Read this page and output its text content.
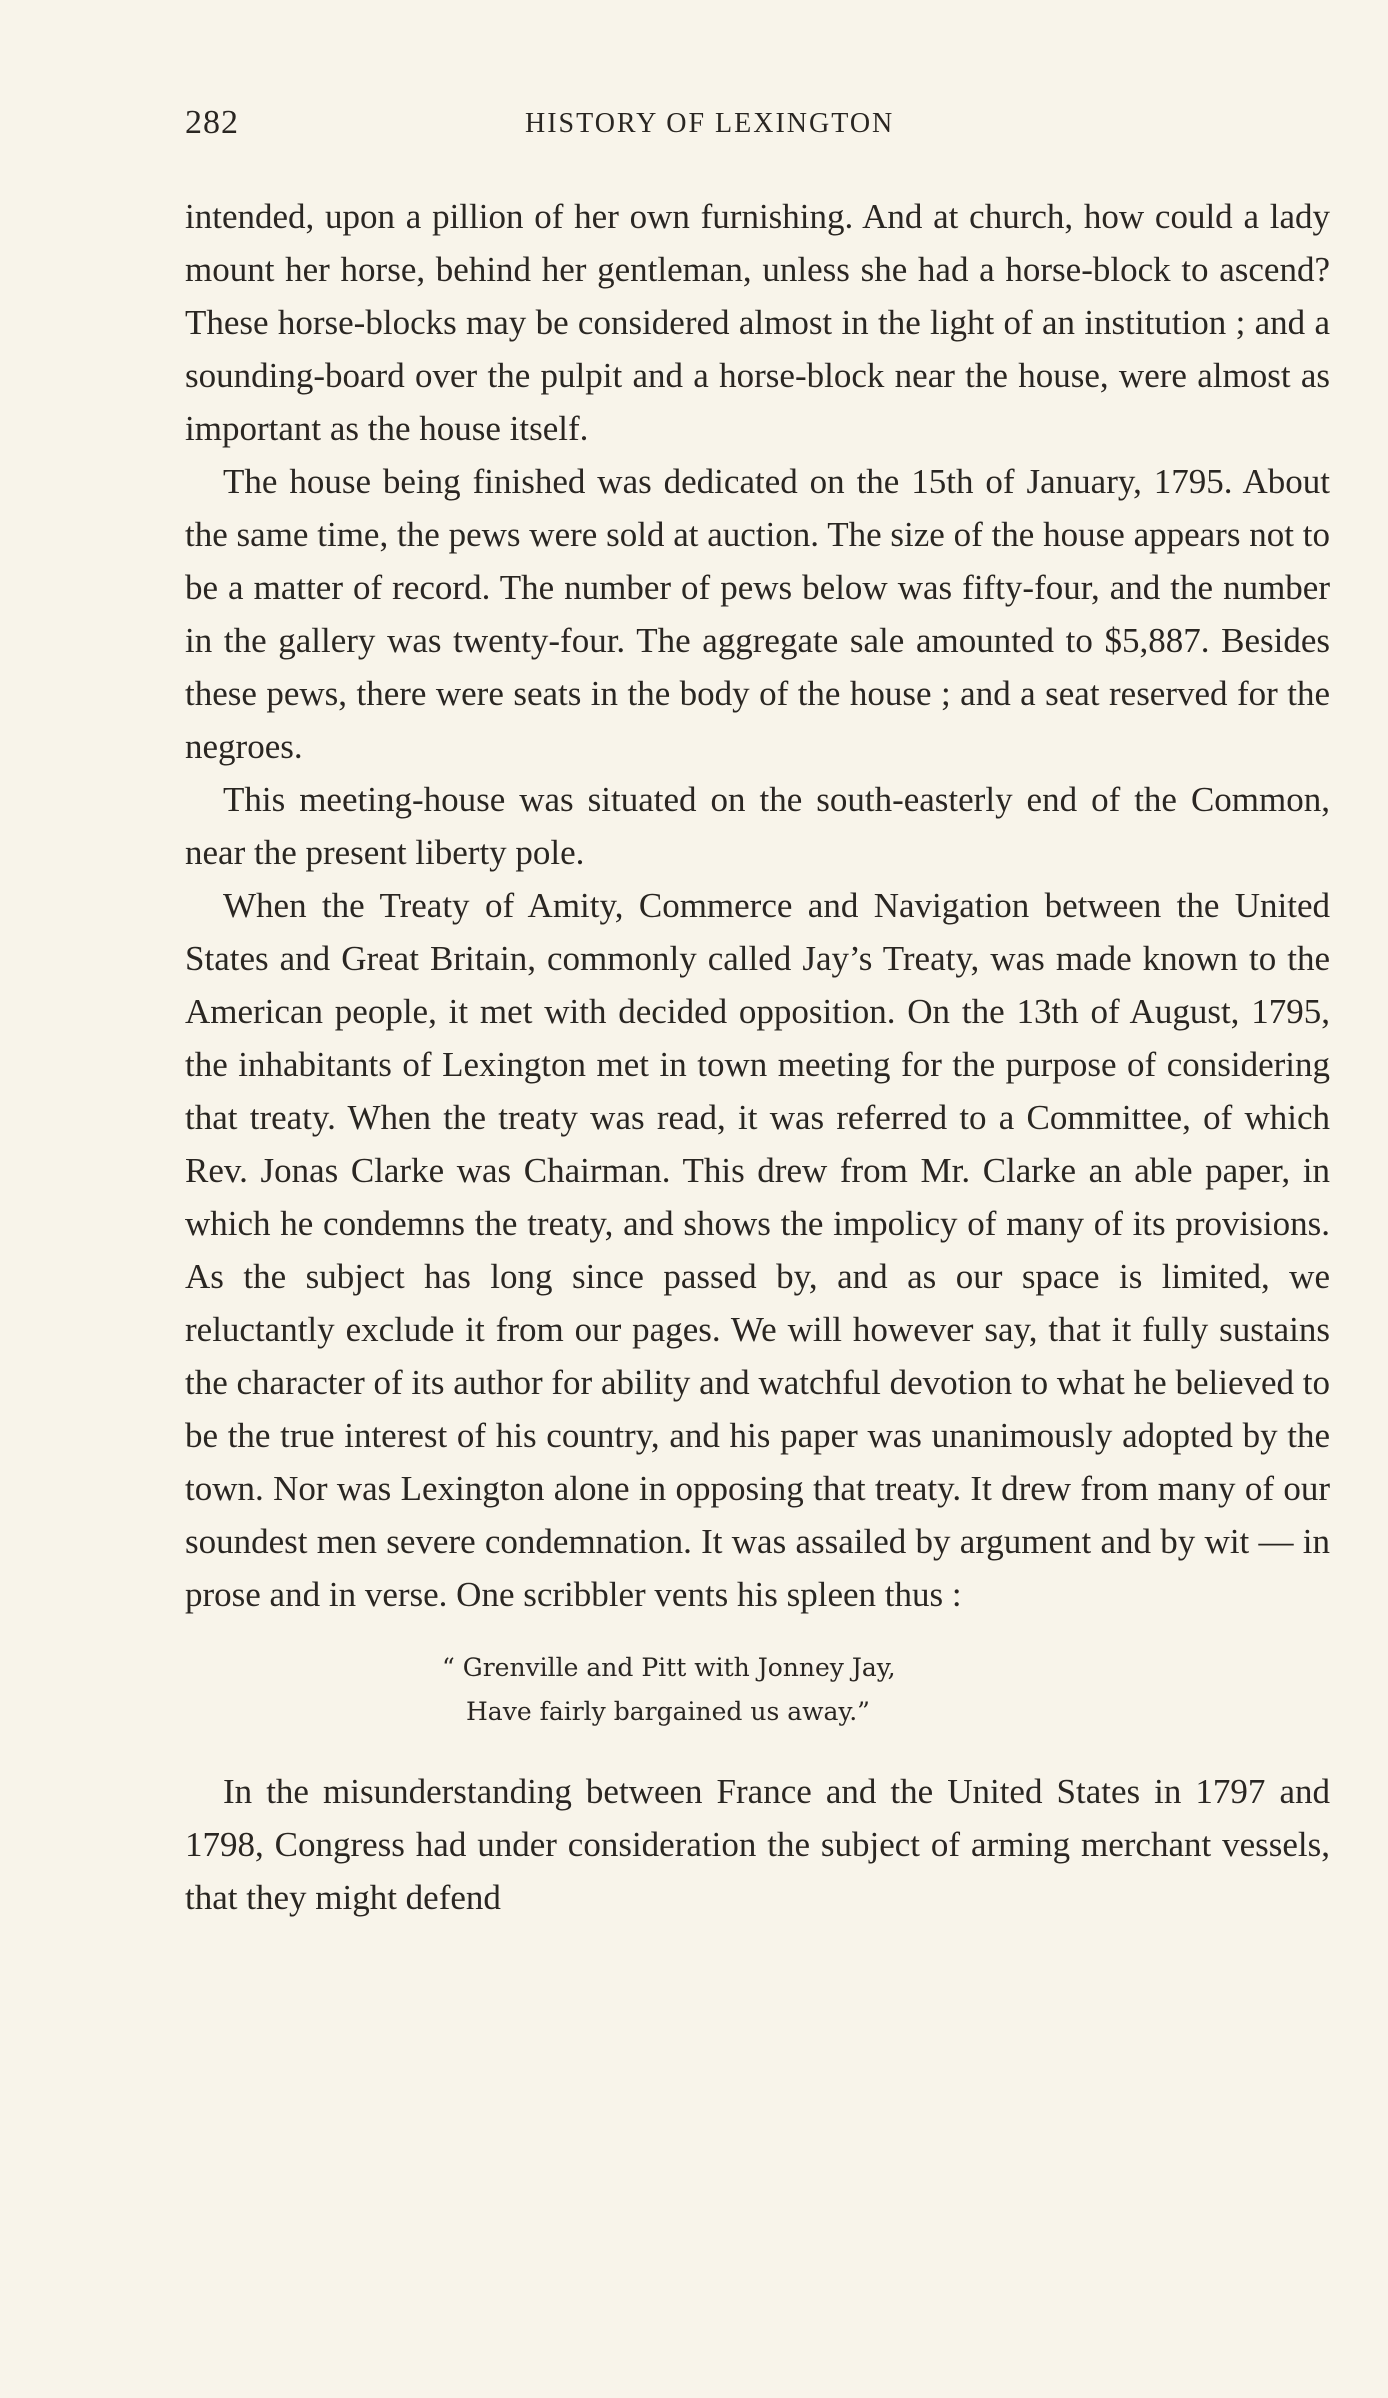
282	HISTORY OF LEXINGTON

intended, upon a pillion of her own furnishing. And at church, how could a lady mount her horse, behind her gentleman, unless she had a horse-block to ascend? These horse-blocks may be considered almost in the light of an institution ; and a sounding-board over the pulpit and a horse-block near the house, were almost as important as the house itself.

The house being finished was dedicated on the 15th of January, 1795. About the same time, the pews were sold at auction. The size of the house appears not to be a matter of record. The number of pews below was fifty-four, and the number in the gallery was twenty-four. The aggregate sale amounted to $5,887. Besides these pews, there were seats in the body of the house ; and a seat reserved for the negroes.

This meeting-house was situated on the south-easterly end of the Common, near the present liberty pole.

When the Treaty of Amity, Commerce and Navigation between the United States and Great Britain, commonly called Jay’s Treaty, was made known to the American people, it met with decided opposition. On the 13th of August, 1795, the inhabitants of Lexington met in town meeting for the purpose of considering that treaty. When the treaty was read, it was referred to a Committee, of which Rev. Jonas Clarke was Chairman. This drew from Mr. Clarke an able paper, in which he condemns the treaty, and shows the impolicy of many of its provisions. As the subject has long since passed by, and as our space is limited, we reluctantly exclude it from our pages. We will however say, that it fully sustains the character of its author for ability and watchful devotion to what he believed to be the true interest of his country, and his paper was unanimously adopted by the town. Nor was Lexington alone in opposing that treaty. It drew from many of our soundest men severe condemnation. It was assailed by argument and by wit — in prose and in verse. One scribbler vents his spleen thus :

“ Grenville and Pitt with Jonney Jay,
Have fairly bargained us away.”

In the misunderstanding between France and the United States in 1797 and 1798, Congress had under consideration the subject of arming merchant vessels, that they might defend
